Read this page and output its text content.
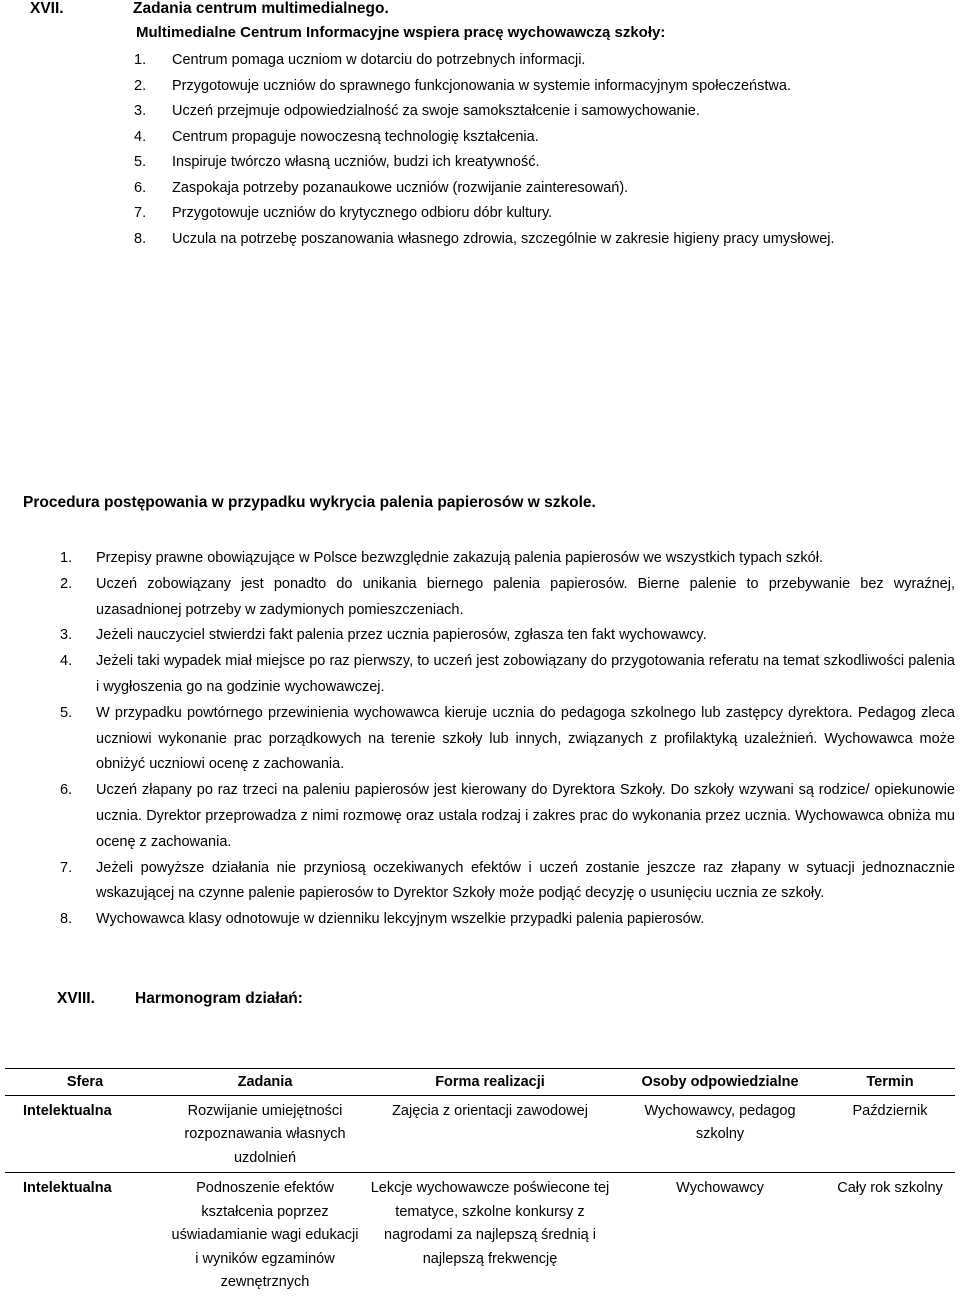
XVII.	Zadania centrum multimedialnego.
Multimedialne Centrum Informacyjne wspiera pracę wychowawczą szkoły:
1. Centrum pomaga uczniom w dotarciu do potrzebnych informacji.
2. Przygotowuje uczniów do sprawnego funkcjonowania w systemie informacyjnym społeczeństwa.
3. Uczeń przejmuje odpowiedzialność za swoje samokształcenie i samowychowanie.
4. Centrum propaguje nowoczesną technologię kształcenia.
5. Inspiruje twórczo własną uczniów, budzi ich kreatywność.
6. Zaspokaja potrzeby pozanaukowe uczniów (rozwijanie zainteresowań).
7. Przygotowuje uczniów do krytycznego odbioru dóbr kultury.
8. Uczula na potrzebę poszanowania własnego zdrowia, szczególnie w zakresie higieny pracy umysłowej.
Procedura postępowania w przypadku wykrycia palenia papierosów w szkole.
1.	Przepisy prawne obowiązujące w Polsce bezwzględnie zakazują palenia papierosów we wszystkich typach szkół.
2.	Uczeń zobowiązany jest ponadto do unikania biernego palenia papierosów. Bierne palenie to przebywanie bez wyraźnej, uzasadnionej potrzeby w zadymionych pomieszczeniach.
3.	Jeżeli nauczyciel stwierdzi fakt palenia przez ucznia papierosów, zgłasza ten fakt wychowawcy.
4.	Jeżeli taki wypadek miał miejsce po raz pierwszy, to uczeń jest zobowiązany do przygotowania referatu na temat szkodliwości palenia i wygłoszenia go na godzinie wychowawczej.
5.	W przypadku powtórnego przewinienia wychowawca kieruje ucznia do pedagoga szkolnego lub zastępcy dyrektora. Pedagog zleca uczniowi wykonanie prac porządkowych na terenie szkoły lub innych, związanych z profilaktyką uzależnień. Wychowawca może obniżyć uczniowi ocenę z zachowania.
6.	Uczeń złapany po raz trzeci na paleniu papierosów jest kierowany do Dyrektora Szkoły. Do szkoły wzywani są rodzice/ opiekunowie ucznia. Dyrektor przeprowadza z nimi rozmowę oraz ustala rodzaj i zakres prac do wykonania przez ucznia. Wychowawca obniża mu ocenę z zachowania.
7.	Jeżeli powyższe działania nie przyniosą oczekiwanych efektów i uczeń zostanie jeszcze raz złapany w sytuacji jednoznacznie wskazującej na czynne palenie papierosów to Dyrektor Szkoły może podjąć decyzję o usunięciu ucznia ze szkoły.
8.	Wychowawca klasy odnotowuje w dzienniku lekcyjnym wszelkie przypadki palenia papierosów.
XVIII.	Harmonogram działań:
Sfera	Zadania	Forma realizacji	Osoby odpowiedzialne	Termin
Intelektualna	Rozwijanie umiejętności rozpoznawania własnych uzdolnień	Zajęcia z orientacji zawodowej	Wychowawcy, pedagog szkolny	Październik
Intelektualna	Podnoszenie efektów kształcenia poprzez uświadamianie wagi edukacji i wyników egzaminów zewnętrznych	Lekcje wychowawcze poświecone tej tematyce, szkolne konkursy z nagrodami za najlepszą średnią i najlepszą frekwencję	Wychowawcy	Cały rok szkolny
